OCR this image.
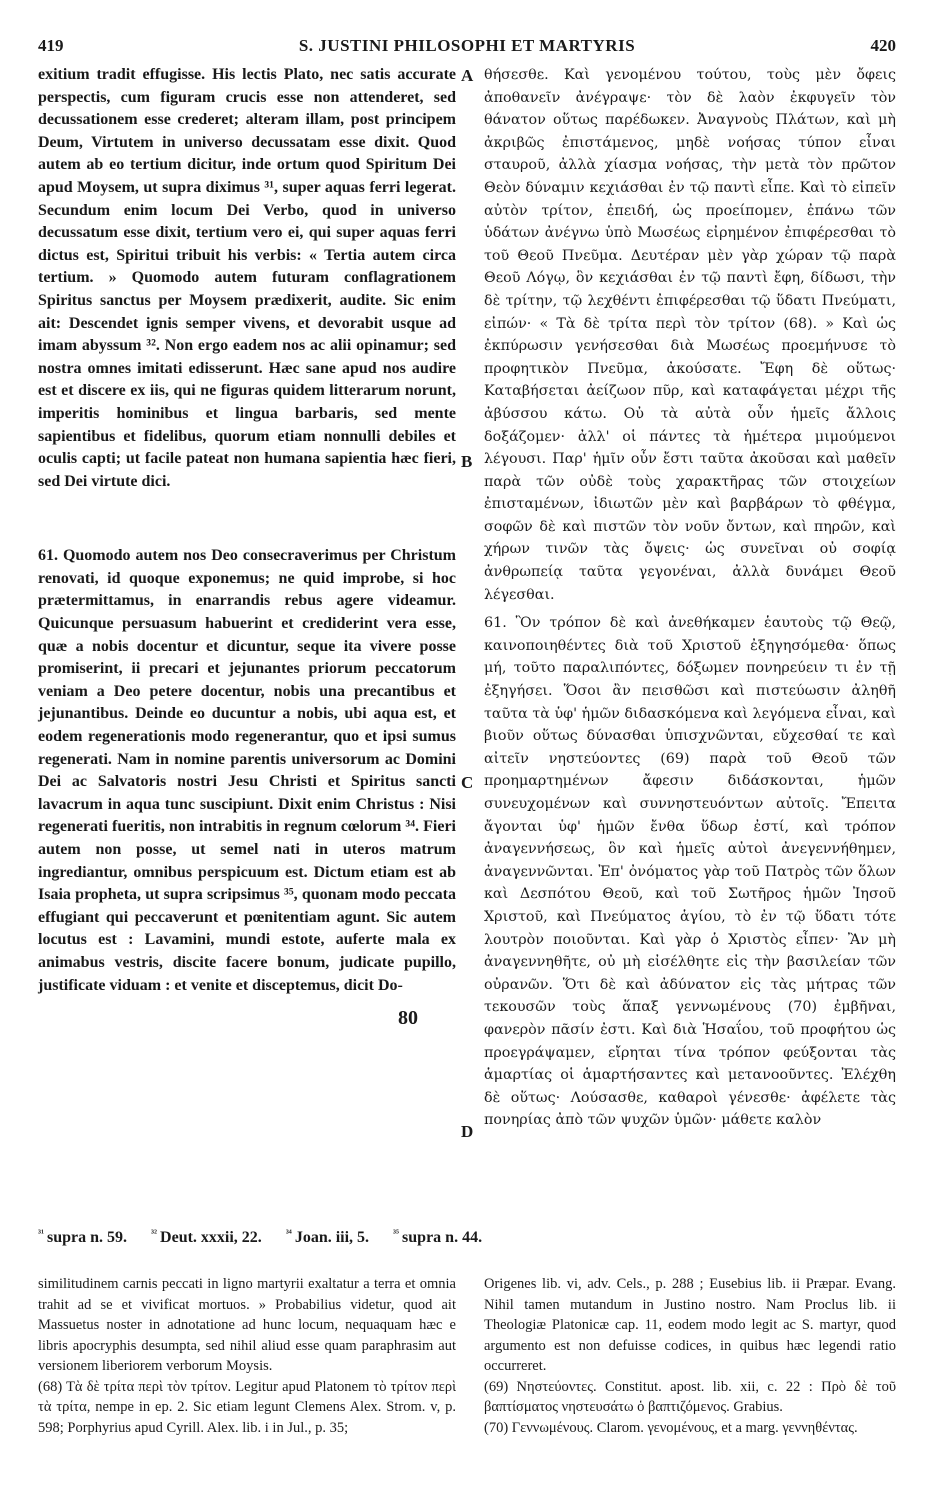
419	S. JUSTINI PHILOSOPHI ET MARTYRIS	420

exitium tradit effugisse. His lectis Plato, nec satis accurate perspectis, cum figuram crucis esse non attenderet, sed decussationem esse crederet; alteram illam, post principem Deum, Virtutem in universo decussatam esse dixit. Quod autem ab eo tertium dicitur, inde ortum quod Spiritum Dei apud Moysem, ut supra diximus ³¹, super aquas ferri legerat. Secundum enim locum Dei Verbo, quod in universo decussatum esse dixit, tertium vero ei, qui super aquas ferri dictus est, Spiritui tribuit his verbis: « Tertia autem circa tertium. » Quomodo autem futuram conflagrationem Spiritus sanctus per Moysem prædixerit, audite. Sic enim ait: Descendet ignis semper vivens, et devorabit usque ad imam abyssum ³². Non ergo eadem nos ac alii opinamur; sed nostra omnes imitati edisserunt. Hæc sane apud nos audire est et discere ex iis, qui ne figuras quidem litterarum norunt, imperitis hominibus et lingua barbaris, sed mente sapientibus et fidelibus, quorum etiam nonnulli debiles et oculis capti; ut facile pateat non humana sapientia hæc fieri, sed Dei virtute dici.

61. Quomodo autem nos Deo consecraverimus per Christum renovati, id quoque exponemus; ne quid improbe, si hoc prætermittamus, in enarrandis rebus agere videamur. Quicunque persuasum habuerint et crediderint vera esse, quæ a nobis docentur et dicuntur, seque ita vivere posse promiserint, ii precari et jejunantes priorum peccatorum veniam a Deo petere docentur, nobis una precantibus et jejunantibus. Deinde eo ducuntur a nobis, ubi aqua est, et eodem regenerationis modo regenerantur, quo et ipsi sumus regenerati. Nam in nomine parentis universorum ac Domini Dei ac Salvatoris nostri Jesu Christi et Spiritus sancti lavacrum in aqua tunc suscipiunt. Dixit enim Christus : Nisi regenerati fueritis, non intrabitis in regnum cœlorum ³⁴. Fieri autem non posse, ut semel nati in uteros matrum ingrediantur, omnibus perspicuum est. Dictum etiam est ab Isaia propheta, ut supra scripsimus ³⁵, quonam modo peccata effugiant qui peccaverunt et pœnitentiam agunt. Sic autem locutus est : Lavamini, mundi estote, auferte mala ex animabus vestris, discite facere bonum, judicate pupillo, justificate viduam : et venite et disceptemus, dicit Do-

θήσεσθε. Καὶ γενομένου τούτου, τοὺς μὲν ὄφεις ἀποθανεῖν ἀνέγραψε· τὸν δὲ λαὸν ἐκφυγεῖν τὸν θάνατον οὕτως παρέδωκεν. Ἀναγνοὺς Πλάτων, καὶ μὴ ἀκριβῶς ἐπιστάμενος, μηδὲ νοήσας τύπον εἶναι σταυροῦ, ἀλλὰ χίασμα νοήσας, τὴν μετὰ τὸν πρῶτον Θεὸν δύναμιν κεχιάσθαι ἐν τῷ παντὶ εἶπε. Καὶ τὸ εἰπεῖν αὐτὸν τρίτον, ἐπειδή, ὡς προείπομεν, ἐπάνω τῶν ὑδάτων ἀνέγνω ὑπὸ Μωσέως εἰρημένον ἐπιφέρεσθαι τὸ τοῦ Θεοῦ Πνεῦμα. Δευτέραν μὲν γὰρ χώραν τῷ παρὰ Θεοῦ Λόγῳ, ὃν κεχιάσθαι ἐν τῷ παντὶ ἔφη, δίδωσι, τὴν δὲ τρίτην, τῷ λεχθέντι ἐπιφέρεσθαι τῷ ὕδατι Πνεύματι, εἰπών· « Τὰ δὲ τρίτα περὶ τὸν τρίτον (68). » Καὶ ὡς ἐκπύρωσιν γενήσεσθαι διὰ Μωσέως προεμήνυσε τὸ προφητικὸν Πνεῦμα, ἀκούσατε. Ἔφη δὲ οὕτως· Καταβήσεται ἀείζωον πῦρ, καὶ καταφάγεται μέχρι τῆς ἀβύσσου κάτω. Οὐ τὰ αὐτὰ οὖν ἡμεῖς ἄλλοις δοξάζομεν· ἀλλ' οἱ πάντες τὰ ἡμέτερα μιμούμενοι λέγουσι. Παρ' ἡμῖν οὖν ἔστι ταῦτα ἀκοῦσαι καὶ μαθεῖν παρὰ τῶν οὐδὲ τοὺς χαρακτῆρας τῶν στοιχείων ἐπισταμένων, ἰδιωτῶν μὲν καὶ βαρβάρων τὸ φθέγμα, σοφῶν δὲ καὶ πιστῶν τὸν νοῦν ὄντων, καὶ πηρῶν, καὶ χήρων τινῶν τὰς ὄψεις· ὡς συνεῖναι οὐ σοφίᾳ ἀνθρωπείᾳ ταῦτα γεγονέναι, ἀλλὰ δυνάμει Θεοῦ λέγεσθαι.

61. Ὃν τρόπον δὲ καὶ ἀνεθήκαμεν ἑαυτοὺς τῷ Θεῷ, καινοποιηθέντες διὰ τοῦ Χριστοῦ ἐξηγησόμεθα· ὅπως μή, τοῦτο παραλιπόντες, δόξωμεν πονηρεύειν τι ἐν τῇ ἐξηγήσει. Ὅσοι ἂν πεισθῶσι καὶ πιστεύωσιν ἀληθῆ ταῦτα τὰ ὑφ' ἡμῶν διδασκόμενα καὶ λεγόμενα εἶναι, καὶ βιοῦν οὕτως δύνασθαι ὑπισχνῶνται, εὔχεσθαί τε καὶ αἰτεῖν νηστεύοντες (69) παρὰ τοῦ Θεοῦ τῶν προημαρτημένων ἄφεσιν διδάσκονται, ἡμῶν συνευχομένων καὶ συννηστευόντων αὐτοῖς. Ἔπειτα ἄγονται ὑφ' ἡμῶν ἔνθα ὕδωρ ἐστί, καὶ τρόπον ἀναγεννήσεως, ὃν καὶ ἡμεῖς αὐτοὶ ἀνεγεννήθημεν, ἀναγεννῶνται. Ἐπ' ὀνόματος γὰρ τοῦ Πατρὸς τῶν ὅλων καὶ Δεσπότου Θεοῦ, καὶ τοῦ Σωτῆρος ἡμῶν Ἰησοῦ Χριστοῦ, καὶ Πνεύματος ἁγίου, τὸ ἐν τῷ ὕδατι τότε λουτρὸν ποιοῦνται. Καὶ γὰρ ὁ Χριστὸς εἶπεν· Ἂν μὴ ἀναγεννηθῆτε, οὐ μὴ εἰσέλθητε εἰς τὴν βασιλείαν τῶν οὐρανῶν. Ὅτι δὲ καὶ ἀδύνατον εἰς τὰς μήτρας τῶν τεκουσῶν τοὺς ἅπαξ γεννωμένους (70) ἐμβῆναι, φανερὸν πᾶσίν ἐστι. Καὶ διὰ Ἡσαΐου, τοῦ προφήτου ὡς προεγράψαμεν, εἴρηται τίνα τρόπον φεύξονται τὰς ἁμαρτίας οἱ ἁμαρτήσαντες καὶ μετανοοῦντες. Ἐλέχθη δὲ οὕτως· Λούσασθε, καθαροὶ γένεσθε· ἀφέλετε τὰς πονηρίας ἀπὸ τῶν ψυχῶν ὑμῶν· μάθετε καλὸν

A
B
C
D
80
$^{^{31}}$ supra n. 59. $^{^{32}}$ Deut. xxxii, 22. $^{^{34}}$ Joan. iii, 5. $^{^{35}}$ supra n. 44.

similitudinem carnis peccati in ligno martyrii exaltatur a terra et omnia trahit ad se et vivificat mortuos. » Probabilius videtur, quod ait Massuetus noster in adnotatione ad hunc locum, nequaquam hæc e libris apocryphis desumpta, sed nihil aliud esse quam paraphrasim aut versionem liberiorem verborum Moysis.

(68) Τὰ δὲ τρίτα περὶ τὸν τρίτον. Legitur apud Platonem τὸ τρίτον περὶ τὰ τρίτα, nempe in ep. 2. Sic etiam legunt Clemens Alex. Strom. v, p. 598; Porphyrius apud Cyrill. Alex. lib. i in Jul., p. 35;

Origenes lib. vi, adv. Cels., p. 288 ; Eusebius lib. ii Præpar. Evang. Nihil tamen mutandum in Justino nostro. Nam Proclus lib. ii Theologiæ Platonicæ cap. 11, eodem modo legit ac S. martyr, quod argumento est non defuisse codices, in quibus hæc legendi ratio occurreret.

(69) Νηστεύοντες. Constitut. apost. lib. xii, c. 22 : Πρὸ δὲ τοῦ βαπτίσματος νηστευσάτω ὁ βαπτιζόμενος. Grabius.

(70) Γεννωμένους. Clarom. γενομένους, et a marg. γεννηθέντας.
